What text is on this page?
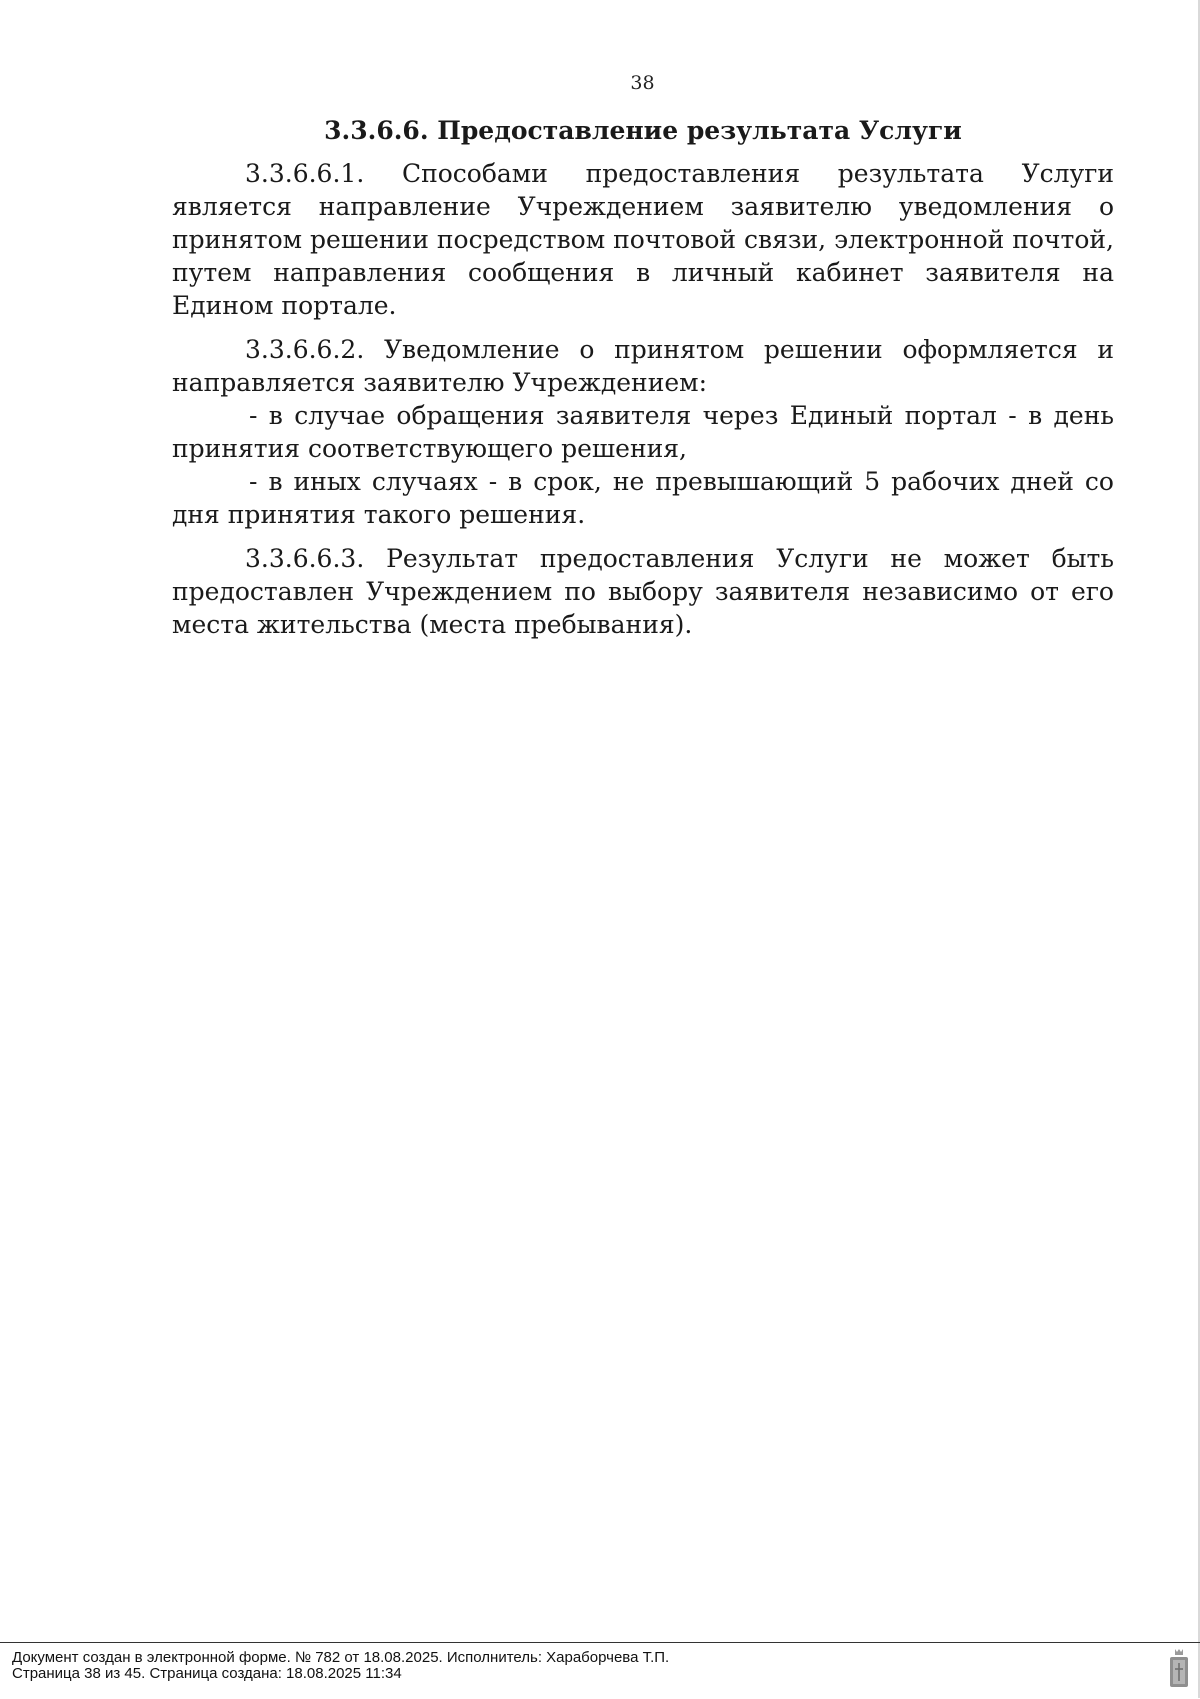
38
3.3.6.6. Предоставление результата Услуги

3.3.6.6.1. Способами предоставления результата Услуги является направление Учреждением заявителю уведомления о принятом решении посредством почтовой связи, электронной почтой, путем направления сообщения в личный кабинет заявителя на Едином портале.

3.3.6.6.2. Уведомление о принятом решении оформляется и направляется заявителю Учреждением:

- в случае обращения заявителя через Единый портал - в день принятия соответствующего решения,

- в иных случаях - в срок, не превышающий 5 рабочих дней со дня принятия такого решения.

3.3.6.6.3. Результат предоставления Услуги не может быть предоставлен Учреждением по выбору заявителя независимо от его места жительства (места пребывания).

Документ создан в электронной форме. № 782 от 18.08.2025. Исполнитель: Хараборчева Т.П.
Страница 38 из 45. Страница создана: 18.08.2025 11:34
